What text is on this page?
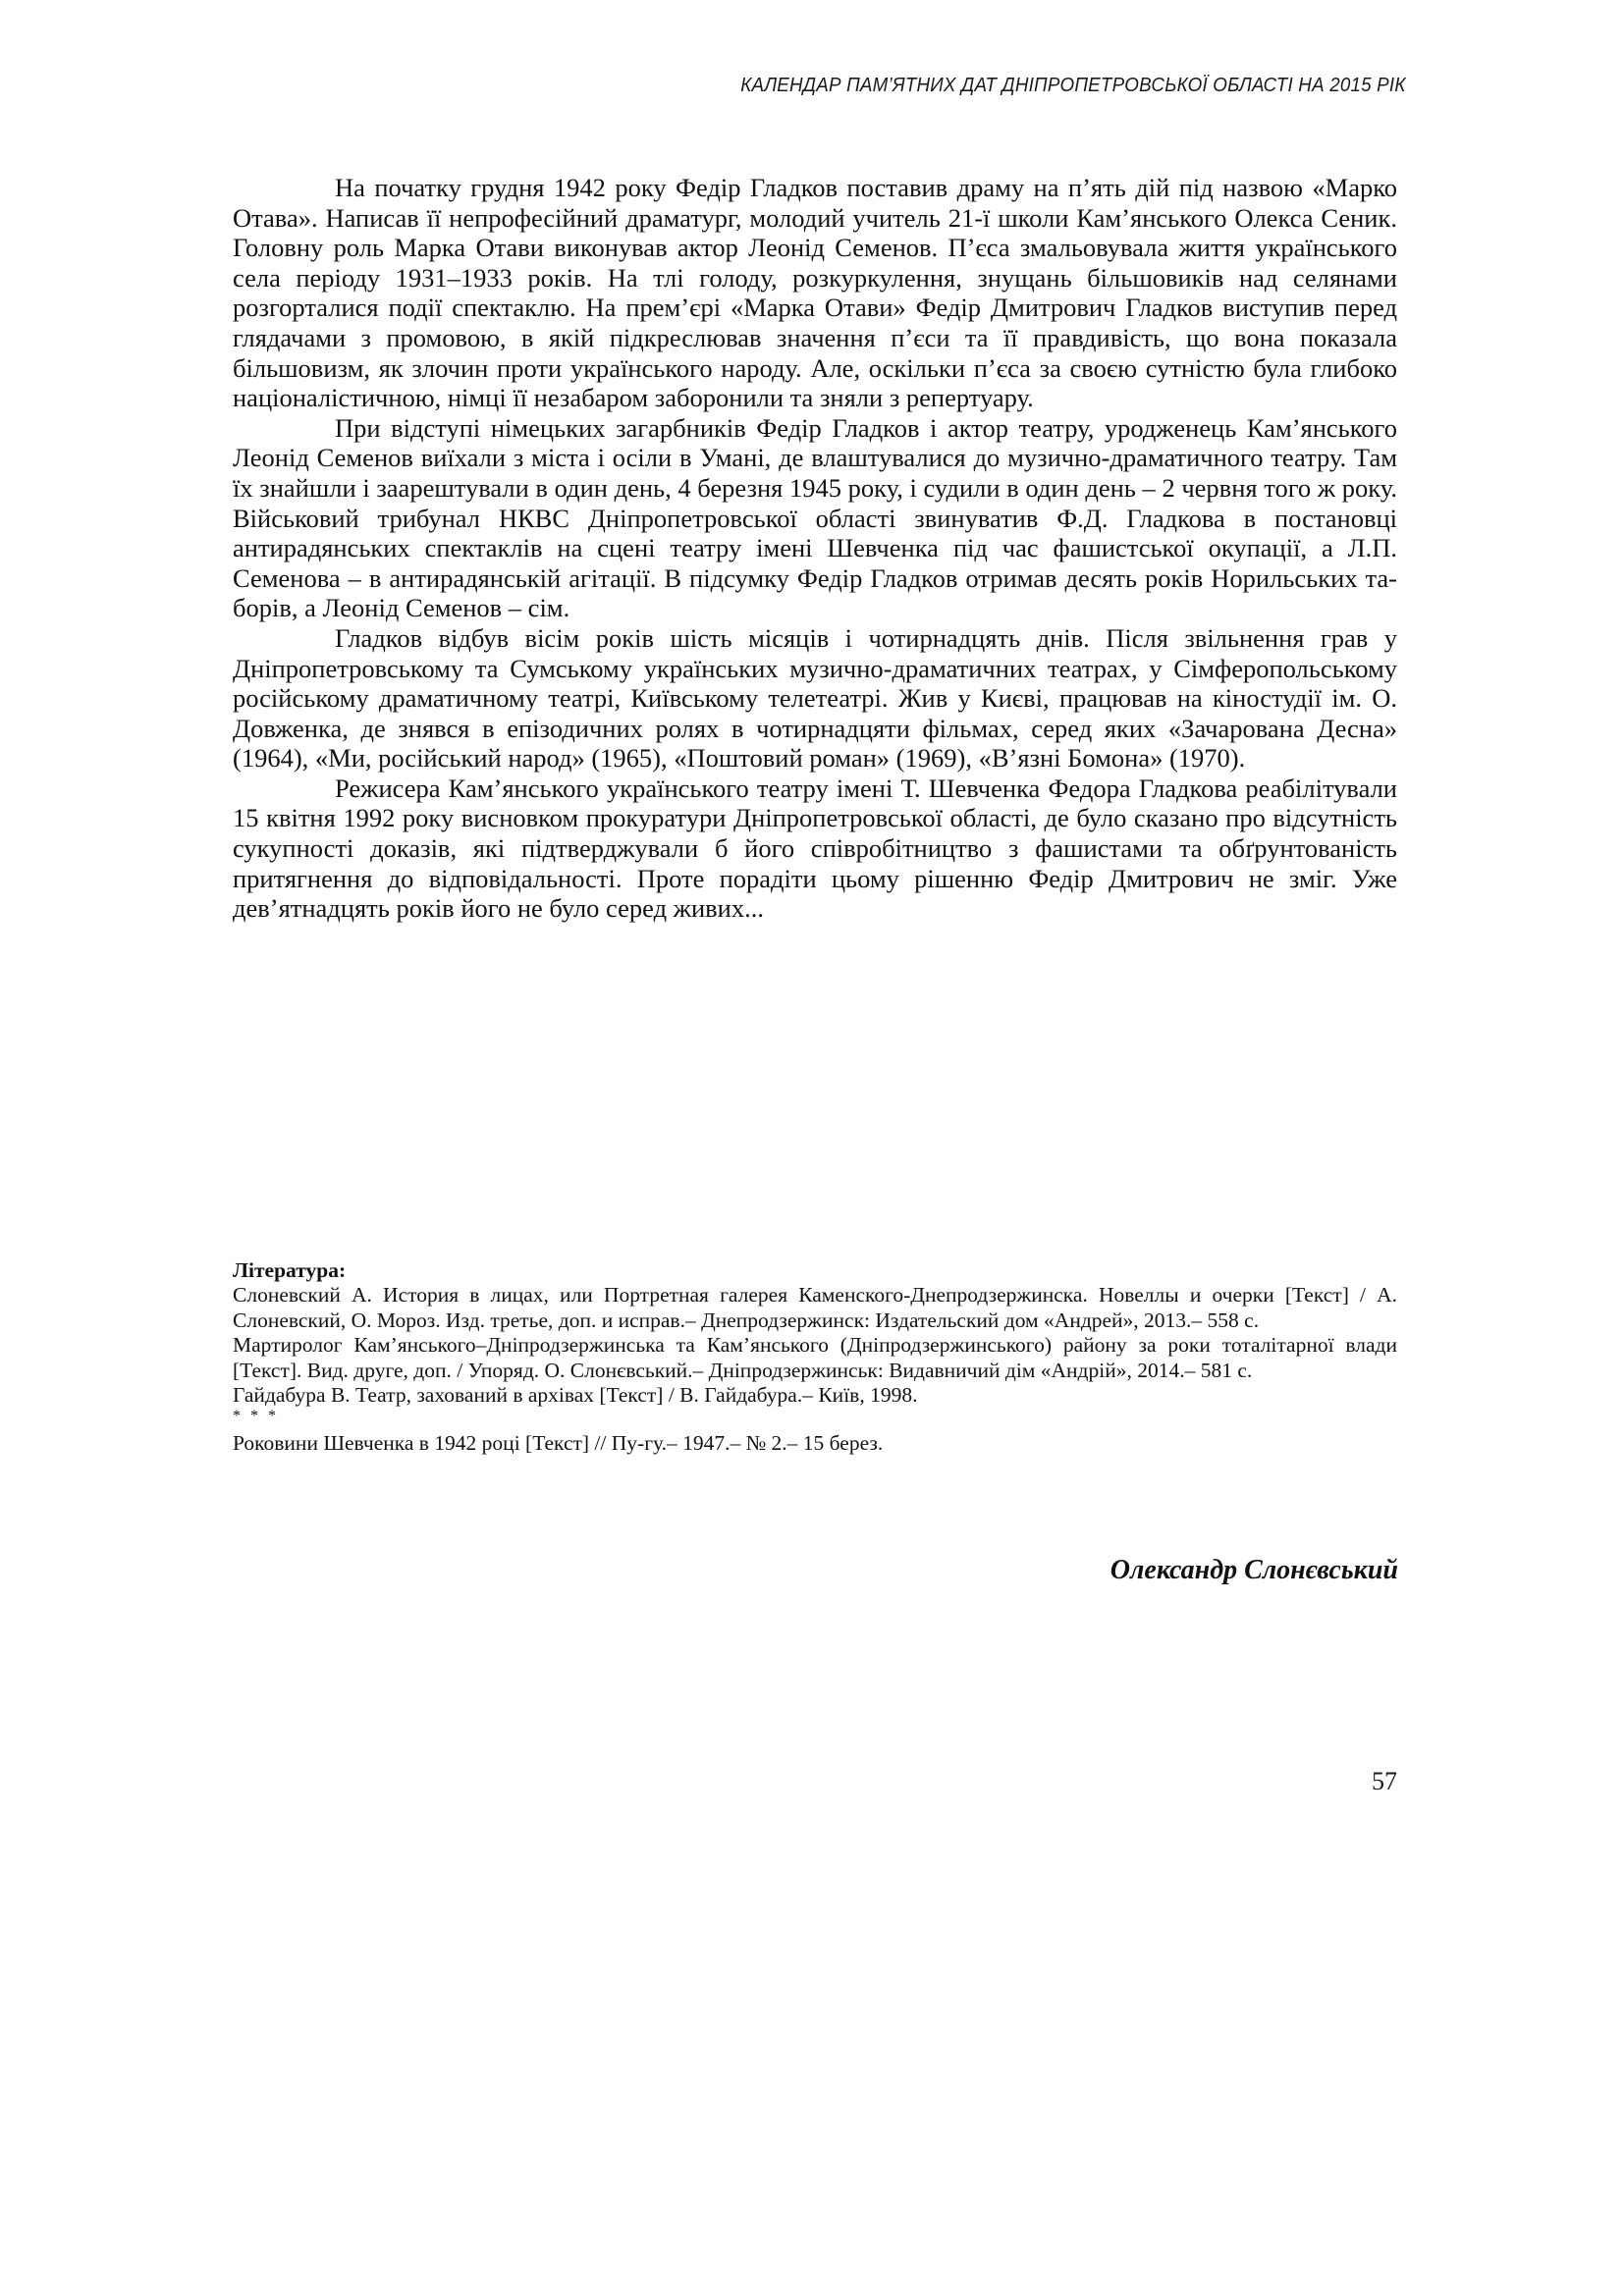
КАЛЕНДАР ПАМ’ЯТНИХ ДАТ ДНІПРОПЕТРОВСЬКОЇ ОБЛАСТІ НА 2015 РІК

На початку грудня 1942 року Федір Гладков поставив драму на п’ять дій під назвою «Марко Отава». Написав її непрофесійний драматург, молодий учитель 21-ї школи Кам’янського Олекса Сеник. Головну роль Марка Отави виконував актор Леонід Семенов. П’єса змальовувала життя українського села періоду 1931–1933 років. На тлі голоду, розкуркулення, знущань більшовиків над селянами розгорталися події спектаклю. На прем’єрі «Марка Отави» Федір Дмитрович Гладков виступив перед глядачами з промовою, в якій підкреслював значення п’єси та її правдивість, що вона показала більшовизм, як злочин проти українського народу. Але, оскільки п’єса за своєю сутністю була глибоко націоналістичною, німці її незабаром заборонили та зняли з репертуару.

При відступі німецьких загарбників Федір Гладков і актор театру, уродженець Кам’янського Леонід Семенов виїхали з міста і осіли в Умані, де влаштувалися до музично-драматичного театру. Там їх знайшли і заарештували в один день, 4 березня 1945 року, і судили в один день – 2 червня того ж року. Військовий трибунал НКВС Дніпропетровської області звинуватив Ф.Д. Гладкова в постановці антирадянських спектаклів на сцені театру імені Шевченка під час фашистської окупації, а Л.П. Семенова – в антирадянській агітації. В підсумку Федір Гладков отримав десять років Норильських таборів, а Леонід Семенов – сім.

Гладков відбув вісім років шість місяців і чотирнадцять днів. Після звільнення грав у Дніпропетровському та Сумському українських музично-драматичних театрах, у Сімферопольському російському драматичному театрі, Київському телетеатрі. Жив у Києві, працював на кіностудії ім. О. Довженка, де знявся в епізодичних ролях в чотирнадцяти фільмах, серед яких «Зачарована Десна» (1964), «Ми, російський народ» (1965), «Поштовий роман» (1969), «В’язні Бомона» (1970).

Режисера Кам’янського українського театру імені Т. Шевченка Федора Гладкова реабілітували 15 квітня 1992 року висновком прокуратури Дніпропетровської області, де було сказано про відсутність сукупності доказів, які підтверджували б його співробітництво з фашистами та обґрунтованість притягнення до відповідальності. Проте порадіти цьому рішенню Федір Дмитрович не зміг. Уже дев’ятнадцять років його не було серед живих...

Література:

Слоневский А. История в лицах, или Портретная галерея Каменского-Днепродзержинска. Новеллы и очерки [Текст] / А. Слоневский, О. Мороз. Изд. третье, доп. и исправ.– Днепродзержинск: Издательский дом «Андрей», 2013.– 558 с.

Мартиролог Кам’янського–Дніпродзержинська та Кам’янського (Дніпродзержинського) району за роки тоталітарної влади [Текст]. Вид. друге, доп. / Упоряд. О. Слонєвський.– Дніпродзержинськ: Видавничий дім «Андрій», 2014.– 581 с.

Гайдабура В. Театр, захований в архівах [Текст] / В. Гайдабура.– Київ, 1998.

* * *

Роковини Шевченка в 1942 році [Текст] // Пу-гу.– 1947.– № 2.– 15 берез.

Олександр Слонєвський
57
